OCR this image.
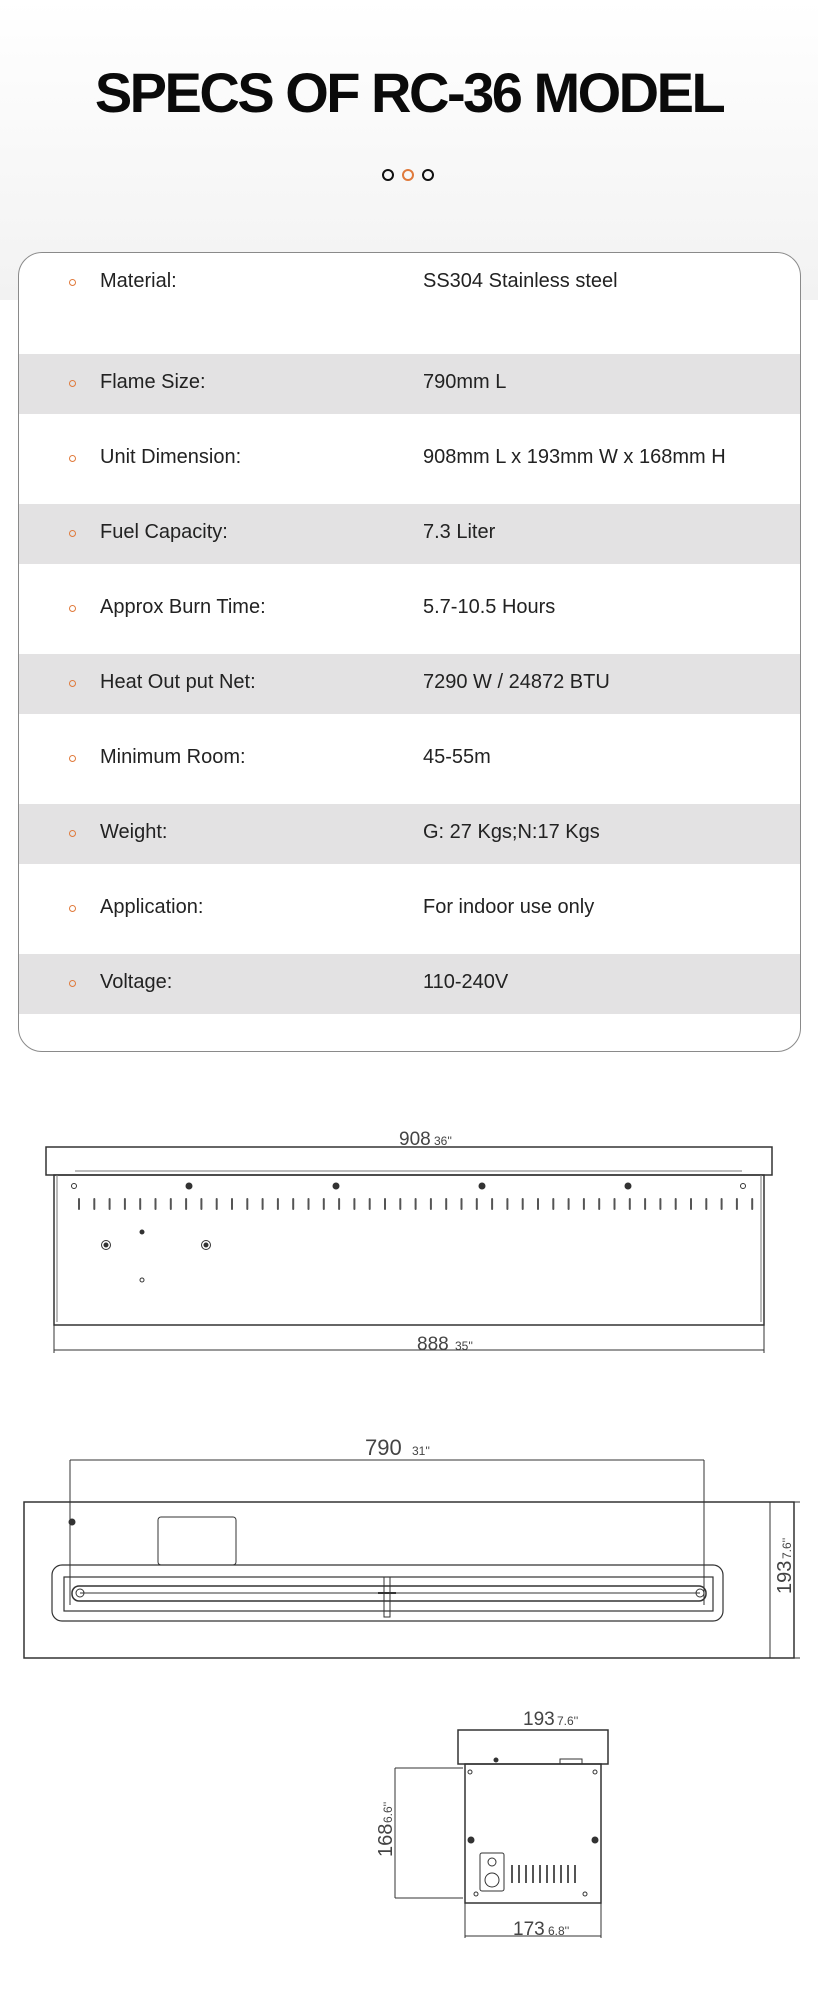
SPECS OF RC-36 MODEL
Material:	SS304 Stainless steel
Flame Size:	790mm L
Unit Dimension:	908mm L x 193mm W x 168mm H
Fuel Capacity:	7.3 Liter
Approx Burn Time:	5.7-10.5 Hours
Heat Out put Net:	7290 W / 24872 BTU
Minimum Room:	45-55m
Weight:	G: 27 Kgs;N:17 Kgs
Application:	For indoor use only
Voltage:	110-240V
908 36''
888 35''
790 31''
193
7.6''
193 7.6''
168
6.6''
173 6.8''
